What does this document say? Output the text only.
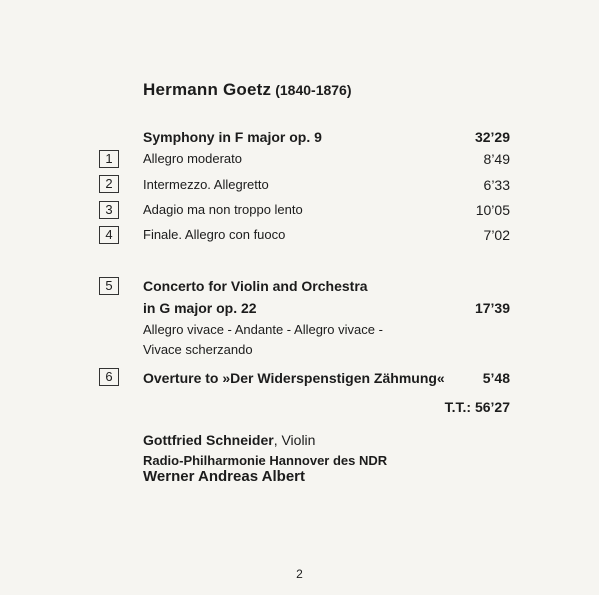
Hermann Goetz (1840-1876)
Symphony in F major op. 9	32’29
1	Allegro moderato	8’49
2	Intermezzo. Allegretto	6’33
3	Adagio ma non troppo lento	10’05
4	Finale. Allegro con fuoco	7’02
5	Concerto for Violin and Orchestra
in G major op. 22	17’39
Allegro vivace - Andante - Allegro vivace -
Vivace scherzando
6	Overture to »Der Widerspenstigen Zähmung«	5’48
T.T.: 56’27
Gottfried Schneider, Violin
Radio-Philharmonie Hannover des NDR
Werner Andreas Albert
2
